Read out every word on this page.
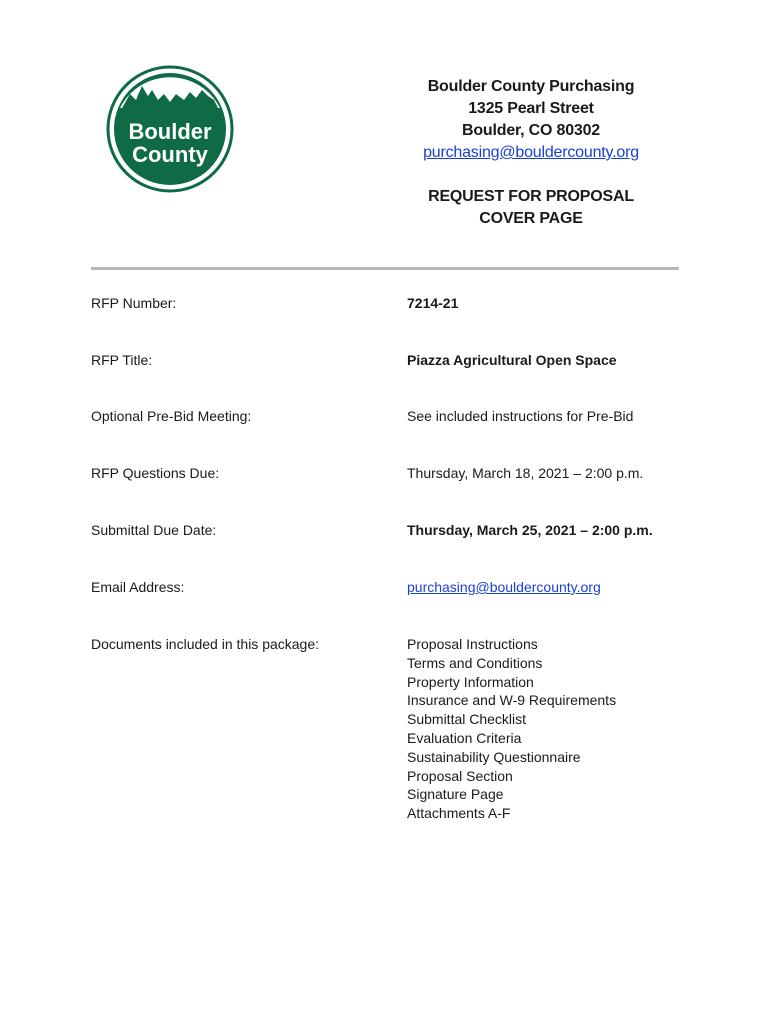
Boulder
County
Boulder County Purchasing
1325 Pearl Street
Boulder, CO 80302
purchasing@bouldercounty.org
REQUEST FOR PROPOSAL
COVER PAGE
RFP Number:	7214-21
RFP Title:	Piazza Agricultural Open Space
Optional Pre-Bid Meeting:	See included instructions for Pre-Bid
RFP Questions Due:	Thursday, March 18, 2021 – 2:00 p.m.
Submittal Due Date:	Thursday, March 25, 2021 – 2:00 p.m.
Email Address:	purchasing@bouldercounty.org
Documents included in this package:	Proposal Instructions
Terms and Conditions
Property Information
Insurance and W-9 Requirements
Submittal Checklist
Evaluation Criteria
Sustainability Questionnaire
Proposal Section
Signature Page
Attachments A-F
